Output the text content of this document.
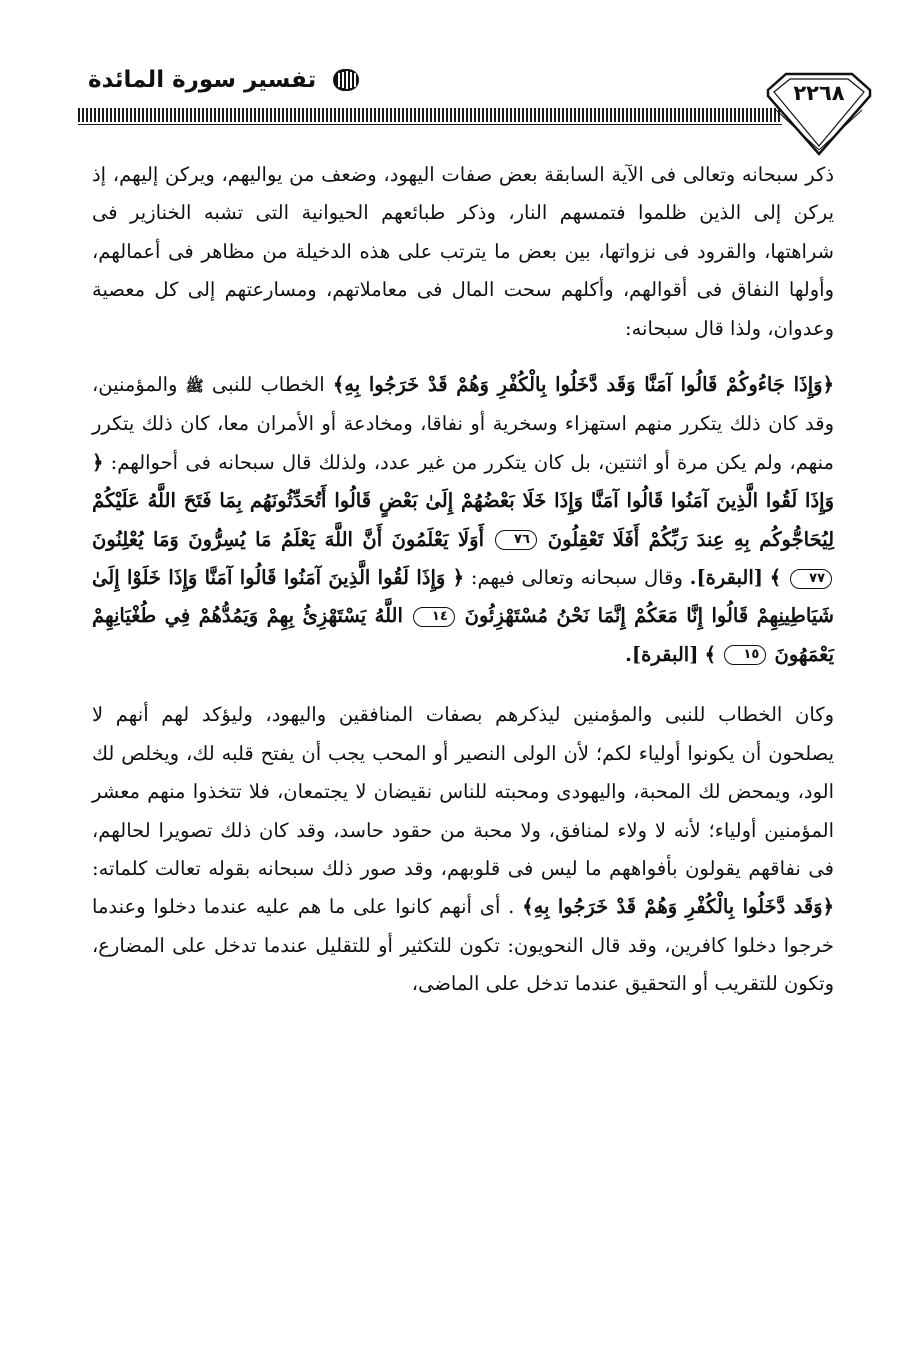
تفسير سورة المائدة	٢٢٦٨

ذكر سبحانه وتعالى فى الآية السابقة بعض صفات اليهود، وضعف من يواليهم، ويركن إليهم، إذ يركن إلى الذين ظلموا فتمسهم النار، وذكر طبائعهم الحيوانية التى تشبه الخنازير فى شراهتها، والقرود فى نزواتها، بين بعض ما يترتب على هذه الدخيلة من مظاهر فى أعمالهم، وأولها النفاق فى أقوالهم، وأكلهم سحت المال فى معاملاتهم، ومسارعتهم إلى كل معصية وعدوان، ولذا قال سبحانه:

﴿وَإِذَا جَاءُوكُمْ قَالُوا آمَنَّا وَقَد دَّخَلُوا بِالْكُفْرِ وَهُمْ قَدْ خَرَجُوا بِهِ﴾ الخطاب للنبى ﷺ والمؤمنين، وقد كان ذلك يتكرر منهم استهزاء وسخرية أو نفاقا، ومخادعة أو الأمران معا، كان ذلك يتكرر منهم، ولم يكن مرة أو اثنتين، بل كان يتكرر من غير عدد، ولذلك قال سبحانه فى أحوالهم: ﴿ وَإِذَا لَقُوا الَّذِينَ آمَنُوا قَالُوا آمَنَّا وَإِذَا خَلَا بَعْضُهُمْ إِلَىٰ بَعْضٍ قَالُوا أَتُحَدِّثُونَهُم بِمَا فَتَحَ اللَّهُ عَلَيْكُمْ لِيُحَاجُّوكُم بِهِ عِندَ رَبِّكُمْ أَفَلَا تَعْقِلُونَ ٧٦ أَوَلَا يَعْلَمُونَ أَنَّ اللَّهَ يَعْلَمُ مَا يُسِرُّونَ وَمَا يُعْلِنُونَ ٧٧ ﴾ [البقرة]. وقال سبحانه وتعالى فيهم: ﴿ وَإِذَا لَقُوا الَّذِينَ آمَنُوا قَالُوا آمَنَّا وَإِذَا خَلَوْا إِلَىٰ شَيَاطِينِهِمْ قَالُوا إِنَّا مَعَكُمْ إِنَّمَا نَحْنُ مُسْتَهْزِئُونَ ١٤ اللَّهُ يَسْتَهْزِئُ بِهِمْ وَيَمُدُّهُمْ فِي طُغْيَانِهِمْ يَعْمَهُونَ ١٥ ﴾ [البقرة].

وكان الخطاب للنبى والمؤمنين ليذكرهم بصفات المنافقين واليهود، وليؤكد لهم أنهم لا يصلحون أن يكونوا أولياء لكم؛ لأن الولى النصير أو المحب يجب أن يفتح قلبه لك، ويخلص لك الود، ويمحض لك المحبة، واليهودى ومحبته للناس نقيضان لا يجتمعان، فلا تتخذوا منهم معشر المؤمنين أولياء؛ لأنه لا ولاء لمنافق، ولا محبة من حقود حاسد، وقد كان ذلك تصويرا لحالهم، فى نفاقهم يقولون بأفواههم ما ليس فى قلوبهم، وقد صور ذلك سبحانه بقوله تعالت كلماته: ﴿وَقَد دَّخَلُوا بِالْكُفْرِ وَهُمْ قَدْ خَرَجُوا بِهِ﴾ . أى أنهم كانوا على ما هم عليه عندما دخلوا وعندما خرجوا دخلوا كافرين، وقد قال النحويون: تكون للتكثير أو للتقليل عندما تدخل على المضارع، وتكون للتقريب أو التحقيق عندما تدخل على الماضى،
